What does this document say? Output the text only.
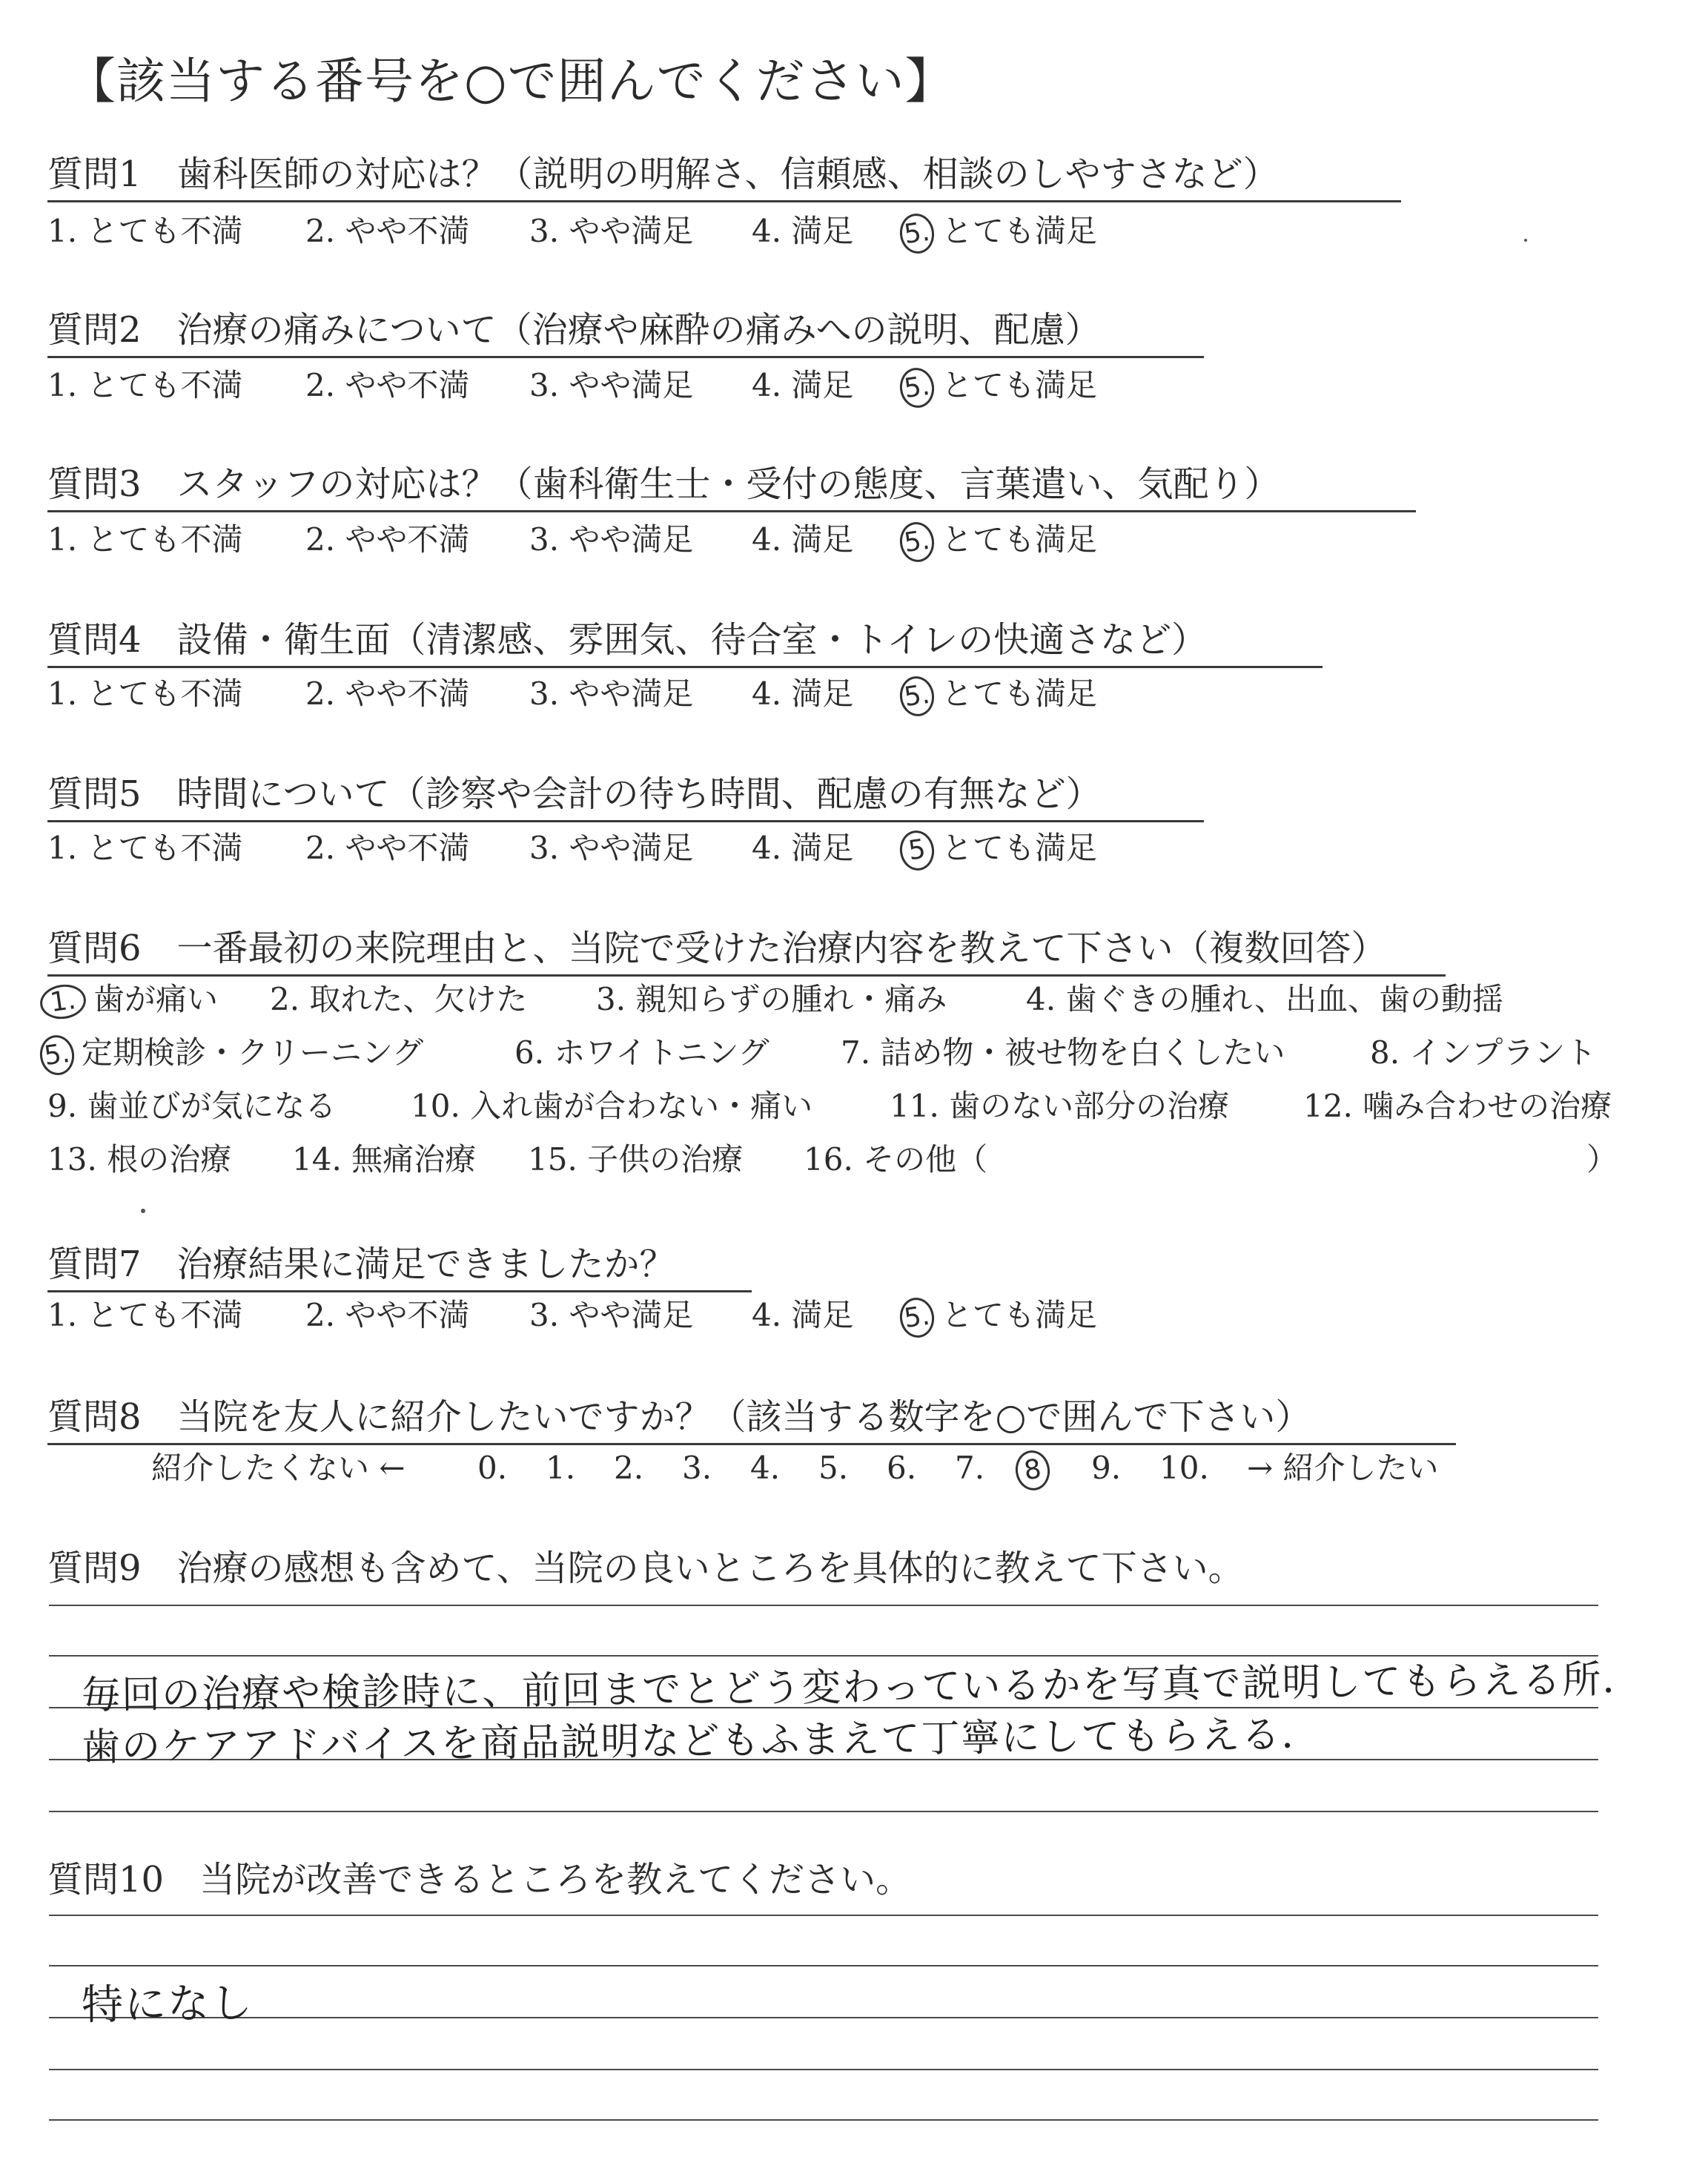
【該当する番号を○で囲んでください】
質問1　歯科医師の対応は？（説明の明解さ、信頼感、相談のしやすさなど）
1. とても不満 2. やや不満 3. やや満足 4. 満足 5. とても満足
質問2　治療の痛みについて（治療や麻酔の痛みへの説明、配慮）
1. とても不満 2. やや不満 3. やや満足 4. 満足 5. とても満足
質問3　スタッフの対応は？（歯科衛生士・受付の態度、言葉遣い、気配り）
1. とても不満 2. やや不満 3. やや満足 4. 満足 5. とても満足
質問4　設備・衛生面（清潔感、雰囲気、待合室・トイレの快適さなど）
1. とても不満 2. やや不満 3. やや満足 4. 満足 5. とても満足
質問5　時間について（診察や会計の待ち時間、配慮の有無など）
1. とても不満 2. やや不満 3. やや満足 4. 満足 5 とても満足
質問6　一番最初の来院理由と、当院で受けた治療内容を教えて下さい（複数回答）
1. 歯が痛い 2. 取れた、欠けた 3. 親知らずの腫れ・痛み	4. 歯ぐきの腫れ、出血、歯の動揺
5. 定期検診・クリーニング	6. ホワイトニング 7. 詰め物・被せ物を白くしたい	8. インプラント
9. 歯並びが気になる 10. 入れ歯が合わない・痛い 11. 歯のない部分の治療 12. 噛み合わせの治療
13. 根の治療 14. 無痛治療 15. 子供の治療 16. その他（	）
質問7　治療結果に満足できましたか？
1. とても不満 2. やや不満 3. やや満足 4. 満足 5. とても満足
質問8　当院を友人に紹介したいですか？（該当する数字を○で囲んで下さい）
紹介したくない ← 0. 1. 2. 3. 4. 5. 6. 7. 8	9. 10. → 紹介したい
質問9　治療の感想も含めて、当院の良いところを具体的に教えて下さい。
毎回の治療や検診時に、前回までとどう変わっているかを写真で説明してもらえる所．
歯のケアアドバイスを商品説明などもふまえて丁寧にしてもらえる．
質問10　当院が改善できるところを教えてください。
特になし
